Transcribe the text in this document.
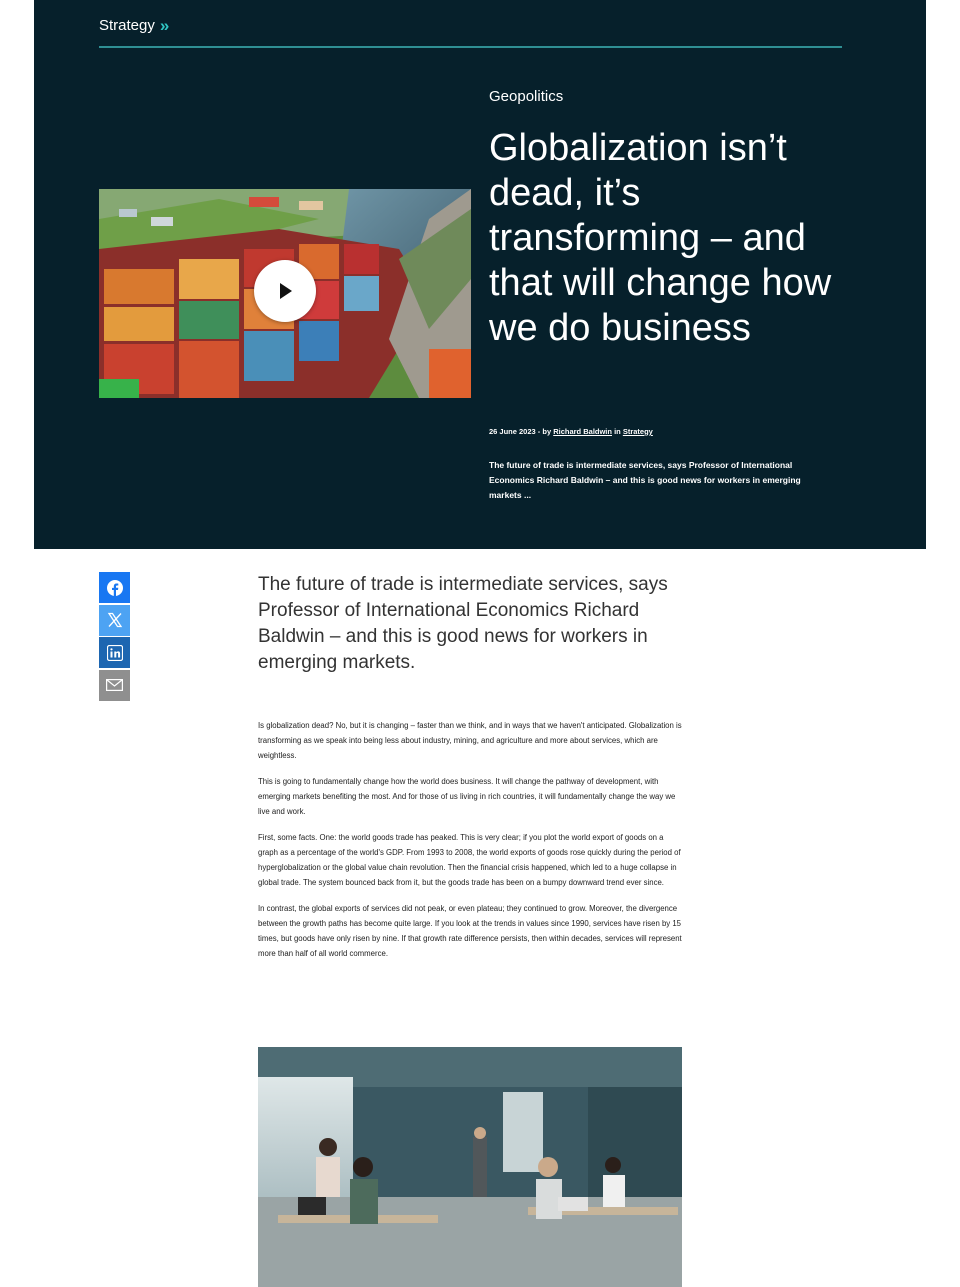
Strategy »
Geopolitics
Globalization isn’t dead, it’s transforming – and that will change how we do business
26 June 2023 - by Richard Baldwin in Strategy
The future of trade is intermediate services, says Professor of International Economics Richard Baldwin – and this is good news for workers in emerging markets ...

The future of trade is intermediate services, says Professor of International Economics Richard Baldwin – and this is good news for workers in emerging markets.

Is globalization dead? No, but it is changing – faster than we think, and in ways that we haven't anticipated. Globalization is transforming as we speak into being less about industry, mining, and agriculture and more about services, which are weightless.

This is going to fundamentally change how the world does business. It will change the pathway of development, with emerging markets benefiting the most. And for those of us living in rich countries, it will fundamentally change the way we live and work.

First, some facts. One: the world goods trade has peaked. This is very clear; if you plot the world export of goods on a graph as a percentage of the world's GDP. From 1993 to 2008, the world exports of goods rose quickly during the period of hyperglobalization or the global value chain revolution. Then the financial crisis happened, which led to a huge collapse in global trade. The system bounced back from it, but the goods trade has been on a bumpy downward trend ever since.

In contrast, the global exports of services did not peak, or even plateau; they continued to grow. Moreover, the divergence between the growth paths has become quite large. If you look at the trends in values since 1990, services have risen by 15 times, but goods have only risen by nine. If that growth rate difference persists, then within decades, services will represent more than half of all world commerce.
